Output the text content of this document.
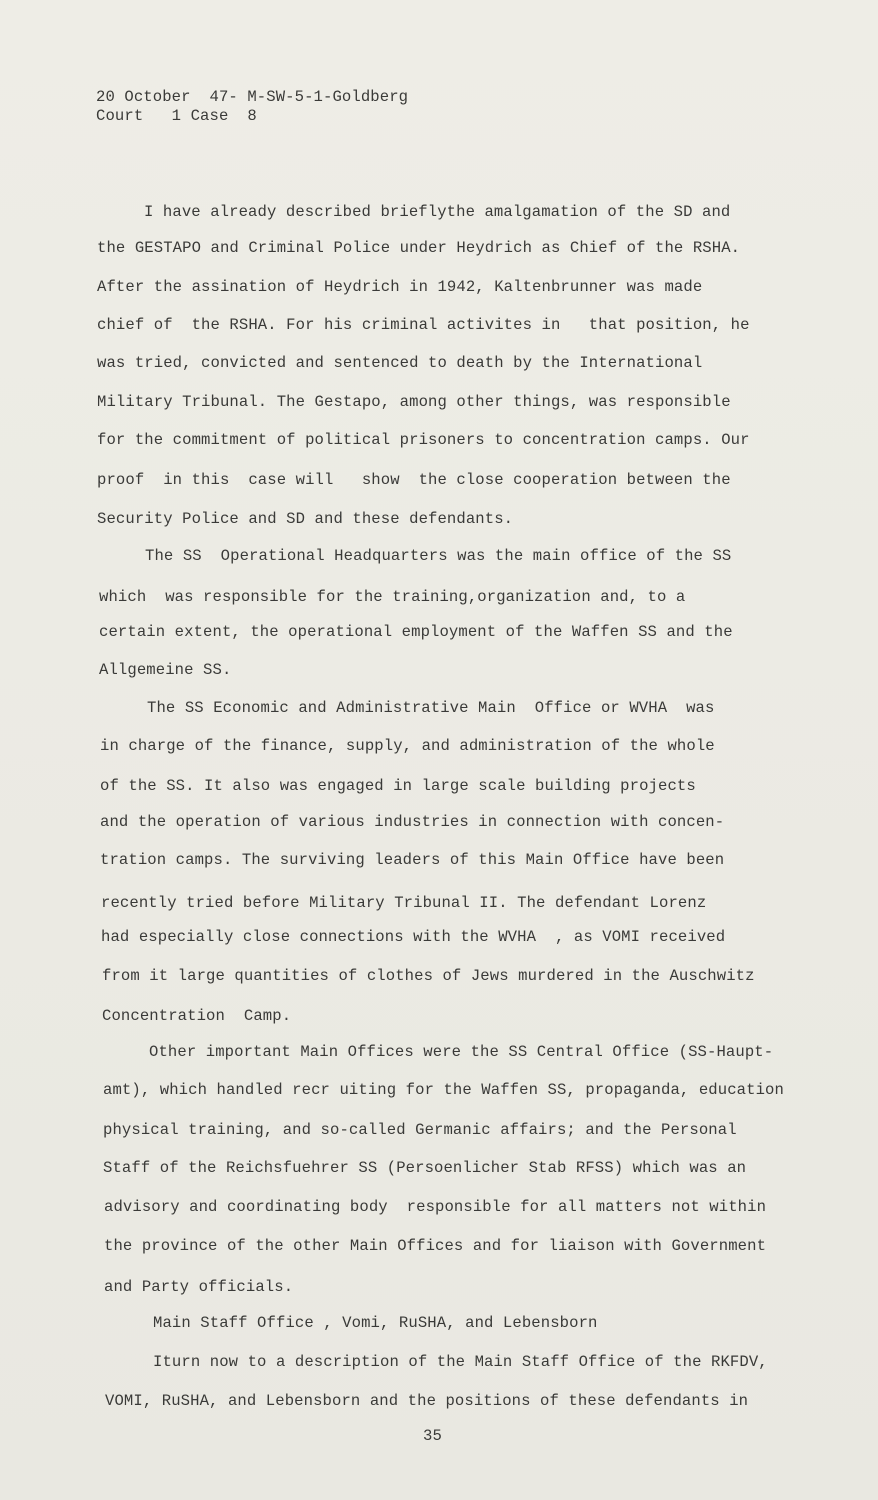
20 October  47- M-SW-5-1-Goldberg
Court   1 Case  8
I have already described brieflythe amalgamation of the SD and
the GESTAPO and Criminal Police under Heydrich as Chief of the RSHA.
After the assination of Heydrich in 1942, Kaltenbrunner was made
chief of  the RSHA. For his criminal activites in   that position, he
was tried, convicted and sentenced to death by the International
Military Tribunal. The Gestapo, among other things, was responsible
for the commitment of political prisoners to concentration camps. Our
proof  in this  case will   show  the close cooperation between the
Security Police and SD and these defendants.
The SS  Operational Headquarters was the main office of the SS
which  was responsible for the training,organization and, to a
certain extent, the operational employment of the Waffen SS and the
Allgemeine SS.
The SS Economic and Administrative Main  Office or WVHA  was
in charge of the finance, supply, and administration of the whole
of the SS. It also was engaged in large scale building projects
and the operation of various industries in connection with concen-
tration camps. The surviving leaders of this Main Office have been
recently tried before Military Tribunal II. The defendant Lorenz
had especially close connections with the WVHA  , as VOMI received
from it large quantities of clothes of Jews murdered in the Auschwitz
Concentration  Camp.
Other important Main Offices were the SS Central Office (SS-Haupt-
amt), which handled recr uiting for the Waffen SS, propaganda, education
physical training, and so-called Germanic affairs; and the Personal
Staff of the Reichsfuehrer SS (Persoenlicher Stab RFSS) which was an
advisory and coordinating body  responsible for all matters not within
the province of the other Main Offices and for liaison with Government
and Party officials.
Main Staff Office , Vomi, RuSHA, and Lebensborn
Iturn now to a description of the Main Staff Office of the RKFDV,
VOMI, RuSHA, and Lebensborn and the positions of these defendants in
35
